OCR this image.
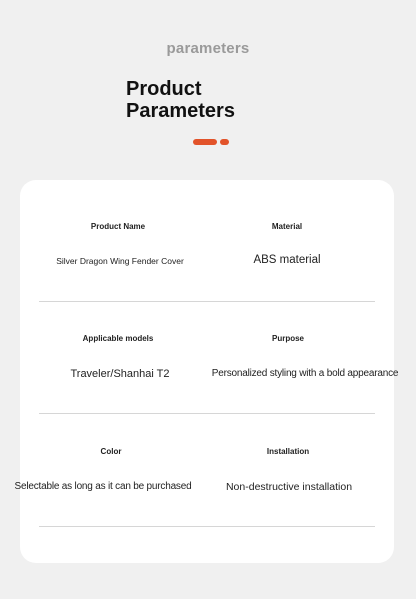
parameters
Product
Parameters
Product Name
Silver Dragon Wing Fender Cover
Material
ABS material
Applicable models
Traveler/Shanhai T2
Purpose
Personalized styling with a bold appearance
Color
Selectable as long as it can be purchased
Installation
Non-destructive installation
